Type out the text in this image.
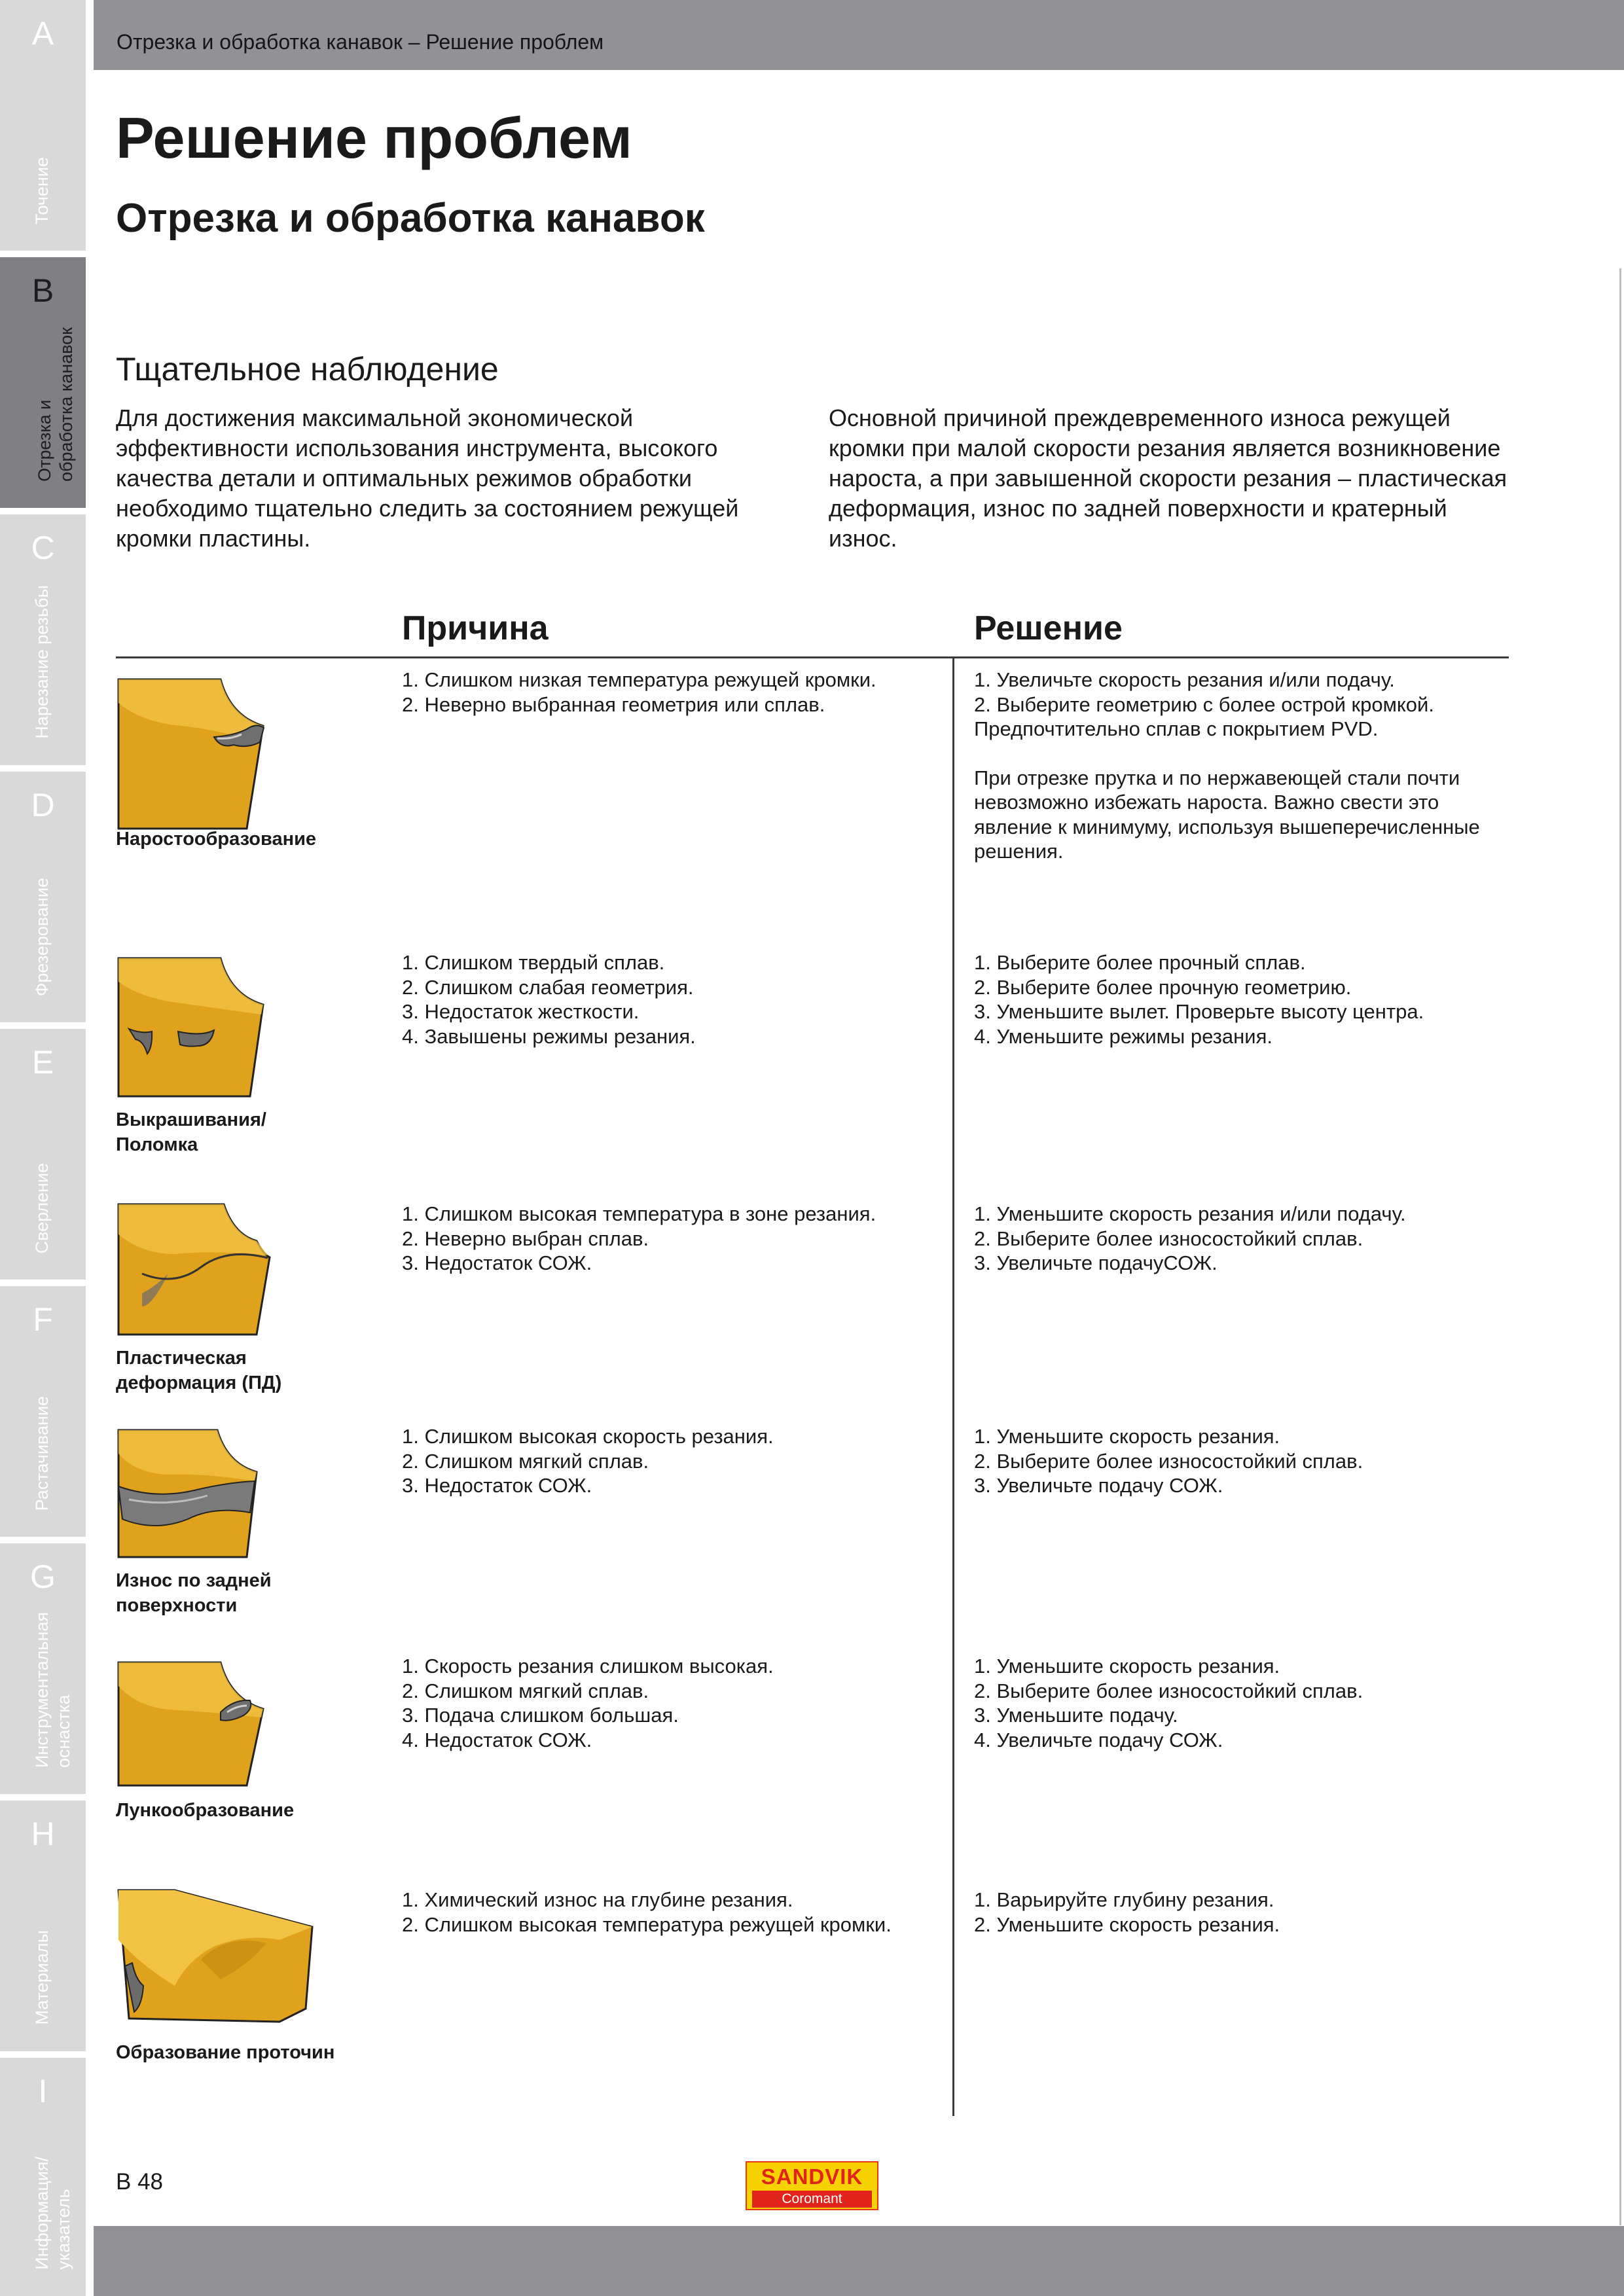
A
Точение
B
Отрезка и
обработка канавок
C
Нарезание резьбы
D
Фрезерование
E
Сверление
F
Растачивание
G
Инструментальная
оснастка
H
Материалы
I
Информация/
указатель
Отрезка и обработка канавок – Решение проблем
Решение проблем
Отрезка и обработка канавок
Тщательное наблюдение

Для достижения максимальной экономической эффективности использования инструмента, высокого качества детали и оптимальных режимов обработки необходимо тщательно следить за состоянием режущей кромки пластины.

Основной причиной преждевременного износа режущей кромки при малой скорости резания является возникновение нароста, а при завышенной скорости резания – пластическая деформация, износ по задней поверхности и кратерный износ.

Причина	Решение
Наростообразование
1. Слишком низкая температура режущей кромки.
2. Неверно выбранная геометрия или сплав.
1. Увеличьте скорость резания и/или подачу.
2. Выберите геометрию с более острой кромкой.
Предпочтительно сплав с покрытием PVD.
При отрезке прутка и по нержавеющей стали почти невозможно избежать нароста. Важно свести это явление к минимуму, используя вышеперечисленные решения.
Выкрашивания/
Поломка
1. Слишком твердый сплав.
2. Слишком слабая геометрия.
3. Недостаток жесткости.
4. Завышены режимы резания.
1. Выберите более прочный сплав.
2. Выберите более прочную геометрию.
3. Уменьшите вылет. Проверьте высоту центра.
4. Уменьшите режимы резания.
Пластическая
деформация (ПД)
1. Слишком высокая температура в зоне резания.
2. Неверно выбран сплав.
3. Недостаток СОЖ.
1. Уменьшите скорость резания и/или подачу.
2. Выберите более износостойкий сплав.
3. Увеличьте подачуСОЖ.
Износ по задней
поверхности
1. Слишком высокая скорость резания.
2. Слишком мягкий сплав.
3. Недостаток СОЖ.
1. Уменьшите скорость резания.
2. Выберите более износостойкий сплав.
3. Увеличьте подачу СОЖ.
Лункообразование
1. Скорость резания слишком высокая.
2. Слишком мягкий сплав.
3. Подача слишком большая.
4. Недостаток СОЖ.
1. Уменьшите скорость резания.
2. Выберите более износостойкий сплав.
3. Уменьшите подачу.
4. Увеличьте подачу СОЖ.
Образование проточин
1. Химический износ на глубине резания.
2. Слишком высокая температура режущей кромки.
1. Варьируйте глубину резания.
2. Уменьшите скорость резания.
B 48	SANDVIK
Coromant
